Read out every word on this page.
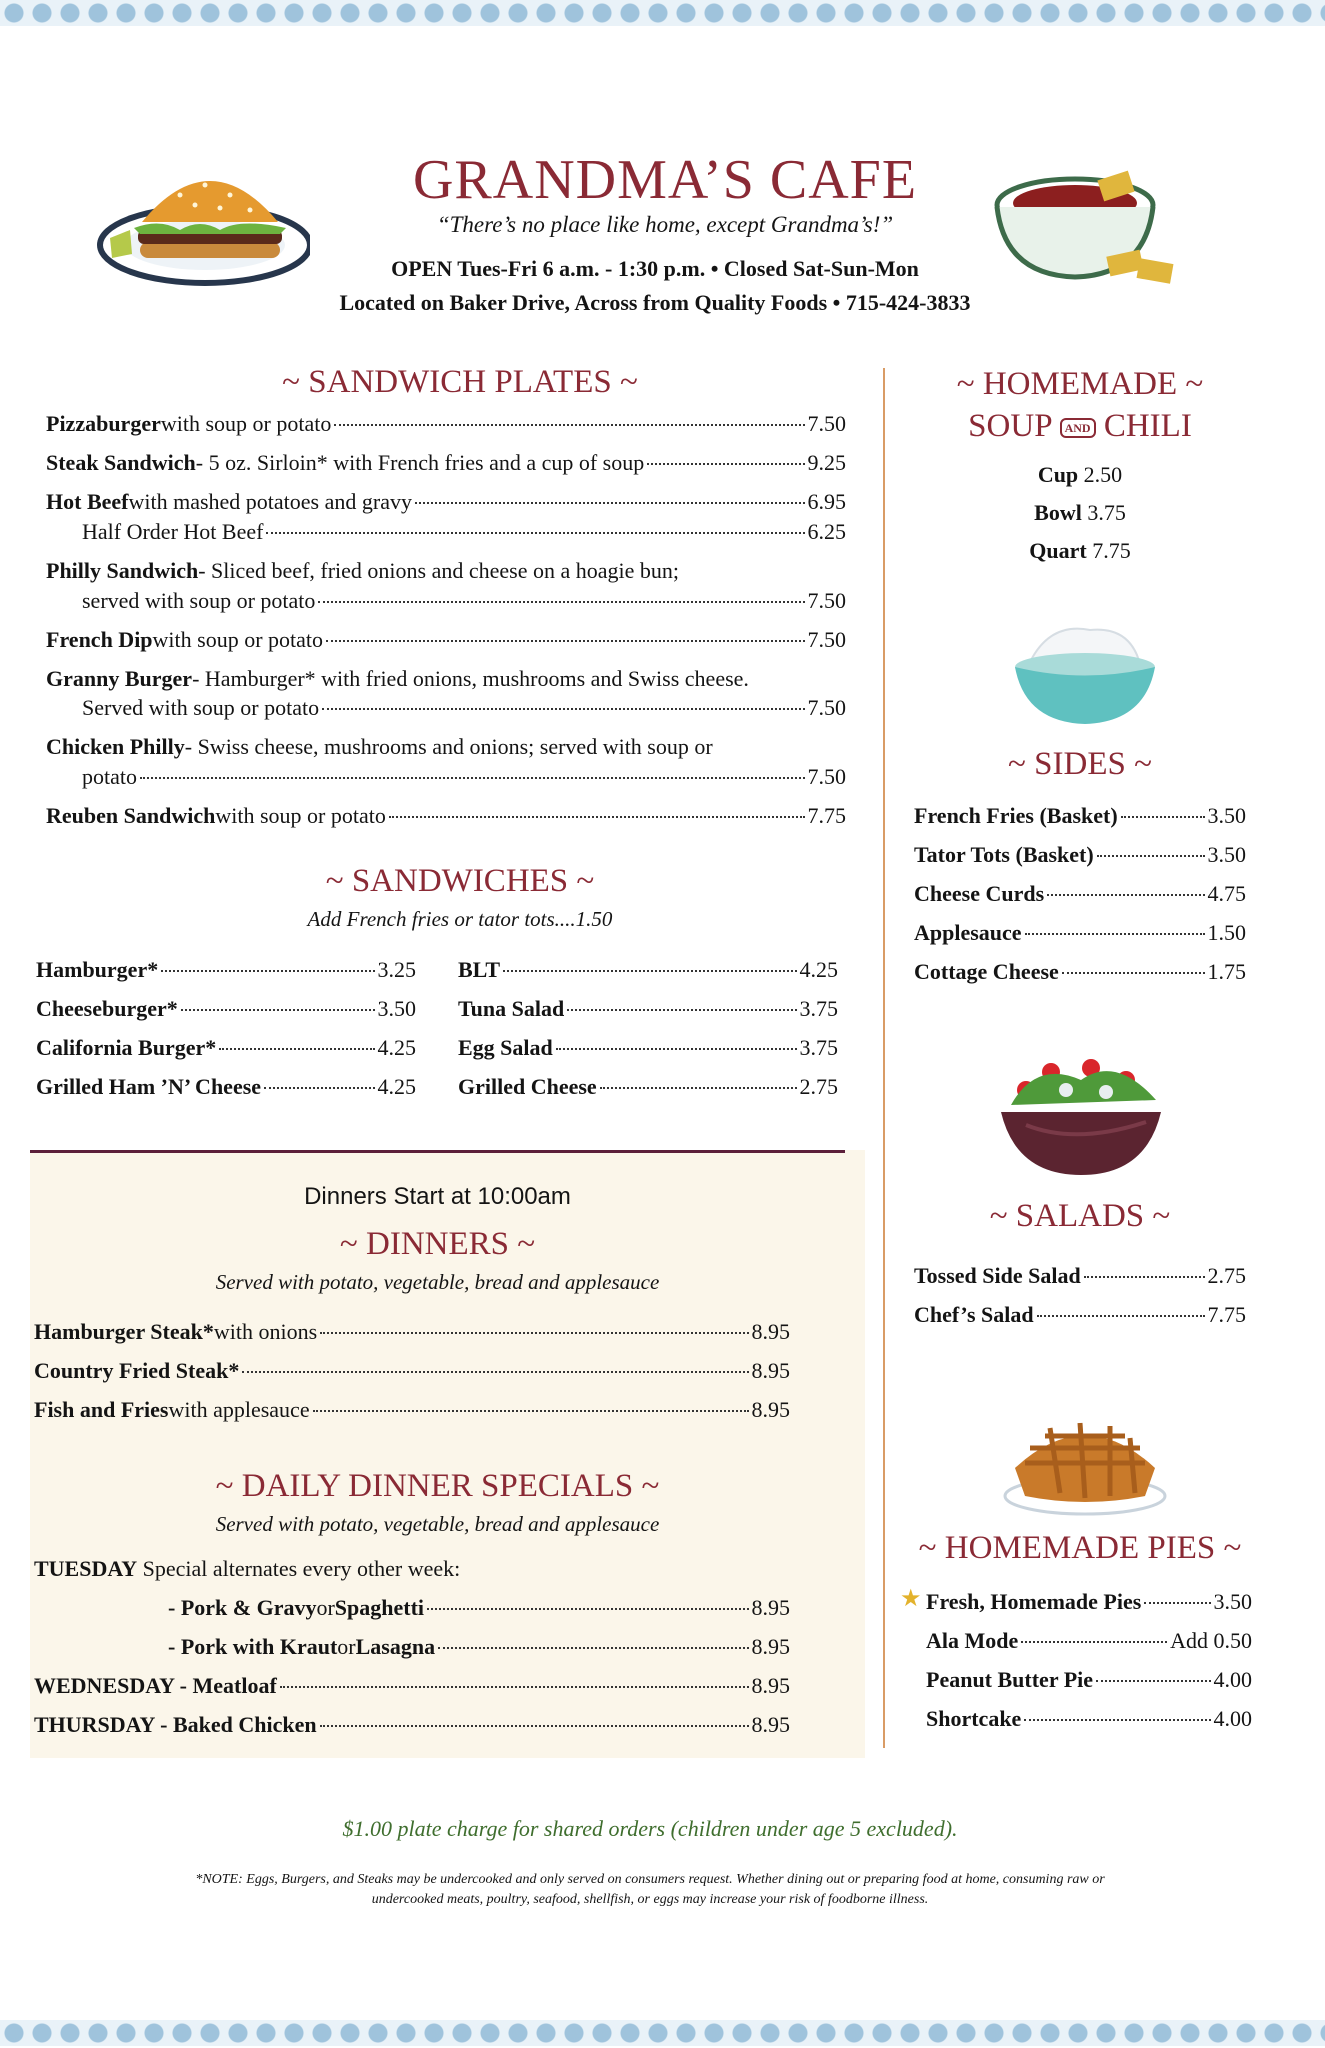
GRANDMA’S CAFE
“There’s no place like home, except Grandma’s!”
OPEN Tues-Fri 6 a.m. - 1:30 p.m. • Closed Sat-Sun-Mon
Located on Baker Drive, Across from Quality Foods • 715-424-3833
~ SANDWICH PLATES ~
Pizzaburger with soup or potato	7.50
Steak Sandwich - 5 oz. Sirloin* with French fries and a cup of soup	9.25
Hot Beef with mashed potatoes and gravy	6.95
Half Order Hot Beef	6.25
Philly Sandwich - Sliced beef, fried onions and cheese on a hoagie bun;
served with soup or potato	7.50
French Dip with soup or potato	7.50
Granny Burger - Hamburger* with fried onions, mushrooms and Swiss cheese.
Served with soup or potato	7.50
Chicken Philly - Swiss cheese, mushrooms and onions; served with soup or
potato	7.50
Reuben Sandwich with soup or potato	7.75
~ SANDWICHES ~
Add French fries or tator tots....1.50
Hamburger*	3.25
Cheeseburger*	3.50
California Burger*	4.25
Grilled Ham ’N’ Cheese	4.25
BLT	4.25
Tuna Salad	3.75
Egg Salad	3.75
Grilled Cheese	2.75
Dinners Start at 10:00am
~ DINNERS ~
Served with potato, vegetable, bread and applesauce
Hamburger Steak* with onions	8.95
Country Fried Steak*	8.95
Fish and Fries with applesauce	8.95
~ DAILY DINNER SPECIALS ~
Served with potato, vegetable, bread and applesauce
TUESDAY Special alternates every other week:
- Pork & Gravy or Spaghetti	8.95
- Pork with Kraut or Lasagna	8.95
WEDNESDAY - Meatloaf	8.95
THURSDAY - Baked Chicken	8.95
~ HOMEMADE ~
SOUP AND CHILI
Cup 2.50
Bowl 3.75
Quart 7.75
~ SIDES ~
French Fries (Basket)	3.50
Tator Tots (Basket)	3.50
Cheese Curds	4.75
Applesauce	1.50
Cottage Cheese	1.75
~ SALADS ~
Tossed Side Salad	2.75
Chef’s Salad	7.75
~ HOMEMADE PIES ~
★ Fresh, Homemade Pies	3.50
Ala Mode	Add 0.50
Peanut Butter Pie	4.00
Shortcake	4.00
$1.00 plate charge for shared orders (children under age 5 excluded).
*NOTE: Eggs, Burgers, and Steaks may be undercooked and only served on consumers request. Whether dining out or preparing food at home, consuming raw or undercooked meats, poultry, seafood, shellfish, or eggs may increase your risk of foodborne illness.
